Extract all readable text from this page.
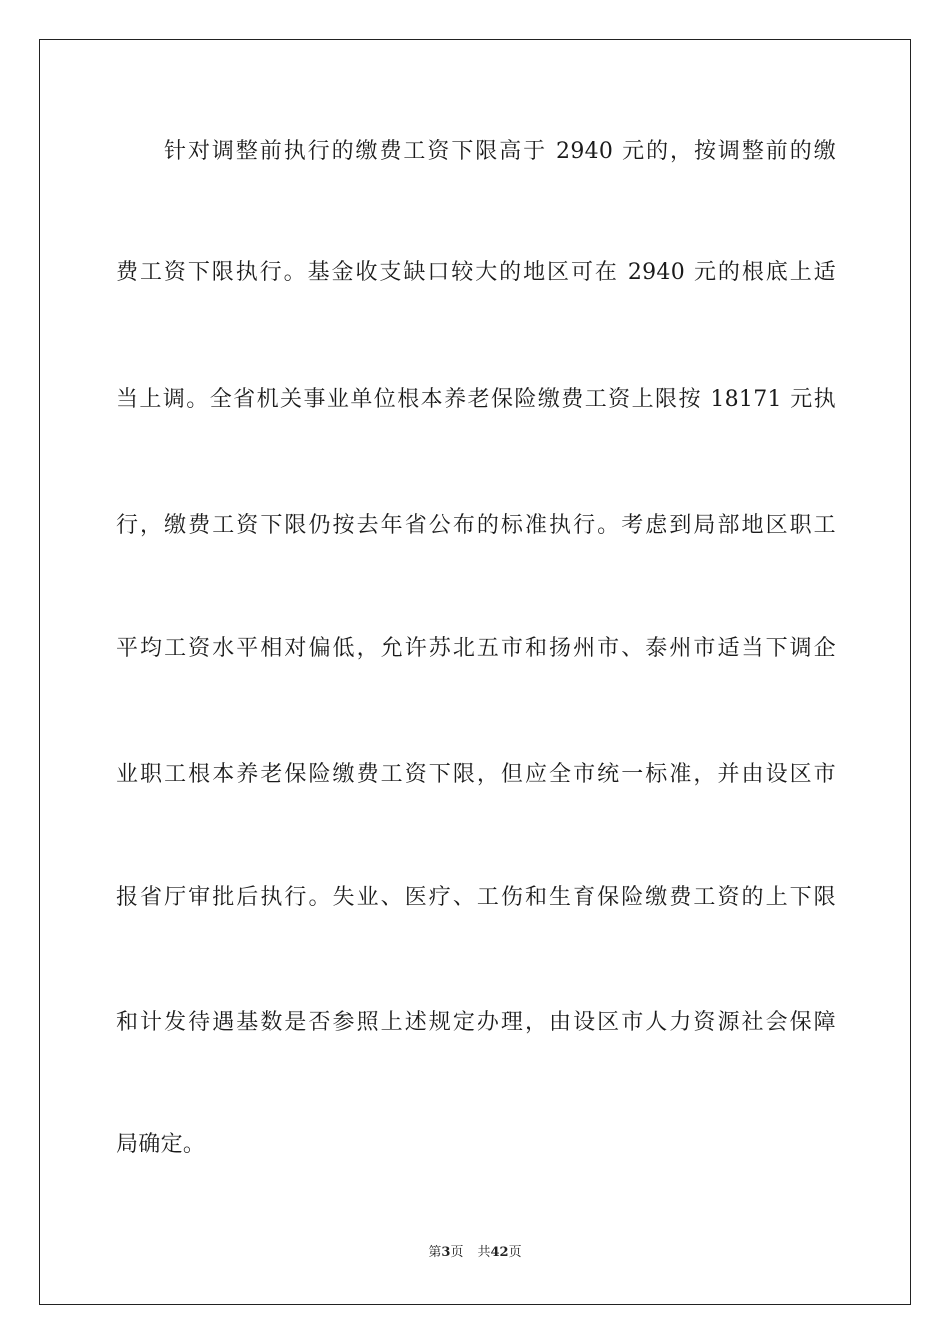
针对调整前执行的缴费工资下限高于 2940 元的，按调整前的缴
费工资下限执行。基金收支缺口较大的地区可在 2940 元的根底上适
当上调。全省机关事业单位根本养老保险缴费工资上限按 18171 元执
行，缴费工资下限仍按去年省公布的标准执行。考虑到局部地区职工
平均工资水平相对偏低，允许苏北五市和扬州市、泰州市适当下调企
业职工根本养老保险缴费工资下限，但应全市统一标准，并由设区市
报省厅审批后执行。失业、医疗、工伤和生育保险缴费工资的上下限
和计发待遇基数是否参照上述规定办理，由设区市人力资源社会保障
局确定。
第3页 共42页
